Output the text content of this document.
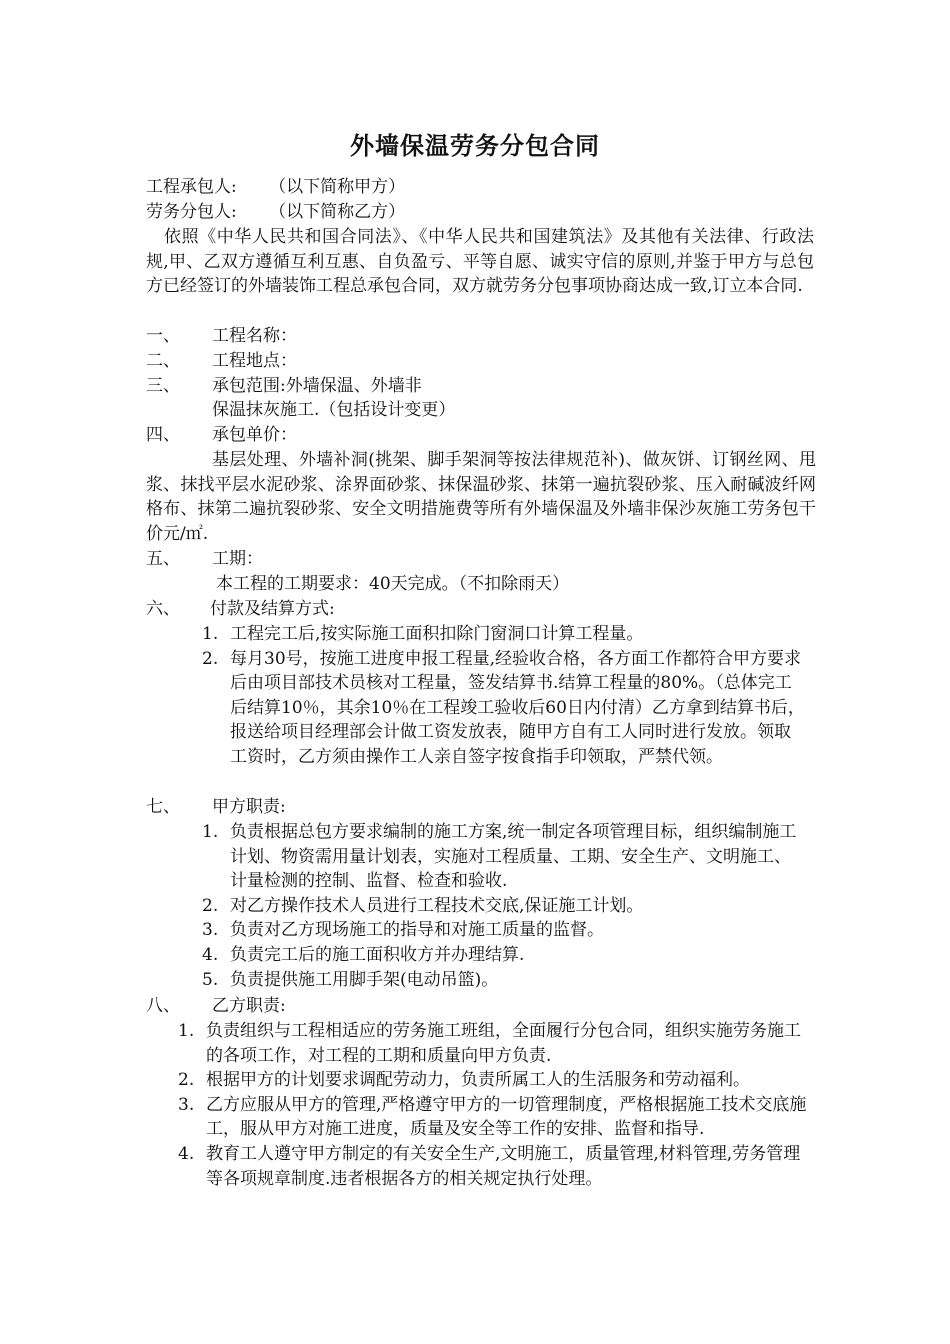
外墙保温劳务分包合同
工程承包人:      （以下简称甲方）
劳务分包人:      （以下简称乙方）
依照《中华人民共和国合同法》、《中华人民共和国建筑法》及其他有关法律、行政法规,甲、乙双方遵循互利互惠、自负盈亏、平等自愿、诚实守信的原则,并鉴于甲方与总包方已经签订的外墙装饰工程总承包合同，双方就劳务分包事项协商达成一致,订立本合同.
一、 工程名称：
二、 工程地点：
三、 承包范围:外墙保温、外墙非
保温抹灰施工.（包括设计变更）
四、 承包单价：
基层处理、外墙补洞(挑架、脚手架洞等按法律规范补)、做灰饼、订钢丝网、甩浆、抹找平层水泥砂浆、涂界面砂浆、抹保温砂浆、抹第一遍抗裂砂浆、压入耐碱波纤网格布、抹第二遍抗裂砂浆、安全文明措施费等所有外墙保温及外墙非保沙灰施工劳务包干价元/㎡.
五、 工期：
本工程的工期要求：40天完成。（不扣除雨天）
六、 付款及结算方式:
1. 工程完工后,按实际施工面积扣除门窗洞口计算工程量。
2. 每月30号，按施工进度申报工程量,经验收合格，各方面工作都符合甲方要求后由项目部技术员核对工程量，签发结算书.结算工程量的80%。（总体完工后结算10％，其余10％在工程竣工验收后60日内付清）乙方拿到结算书后，报送给项目经理部会计做工资发放表，随甲方自有工人同时进行发放。领取工资时，乙方须由操作工人亲自签字按食指手印领取，严禁代领。
七、 甲方职责:
1. 负责根据总包方要求编制的施工方案,统一制定各项管理目标，组织编制施工计划、物资需用量计划表，实施对工程质量、工期、安全生产、文明施工、计量检测的控制、监督、检查和验收.
2. 对乙方操作技术人员进行工程技术交底,保证施工计划。
3. 负责对乙方现场施工的指导和对施工质量的监督。
4. 负责完工后的施工面积收方并办理结算.
5. 负责提供施工用脚手架(电动吊篮)。
八、 乙方职责:
1. 负责组织与工程相适应的劳务施工班组，全面履行分包合同，组织实施劳务施工的各项工作，对工程的工期和质量向甲方负责.
2. 根据甲方的计划要求调配劳动力，负责所属工人的生活服务和劳动福利。
3. 乙方应服从甲方的管理,严格遵守甲方的一切管理制度，严格根据施工技术交底施工，服从甲方对施工进度，质量及安全等工作的安排、监督和指导.
4. 教育工人遵守甲方制定的有关安全生产,文明施工，质量管理,材料管理,劳务管理等各项规章制度.违者根据各方的相关规定执行处理。
